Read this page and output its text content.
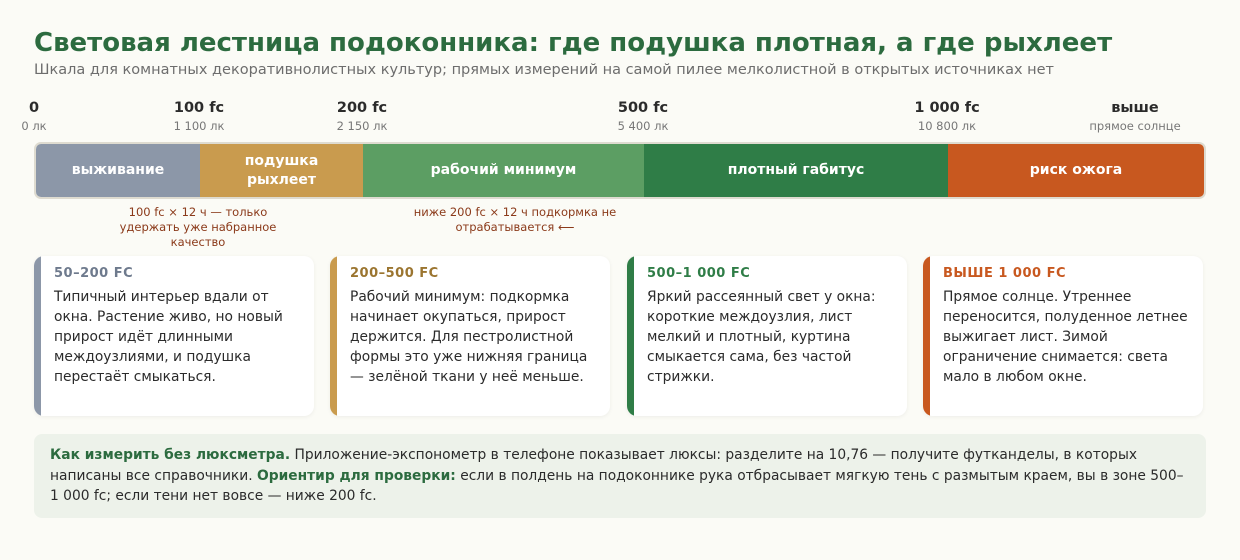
Световая лестница подоконника: где подушка плотная, а где рыхлеет
Шкала для комнатных декоративнолистных культур; прямых измерений на самой пилее мелколистной в открытых источниках нет
0
0 лк
100 fc
1 100 лк
200 fc
2 150 лк
500 fc
5 400 лк
1 000 fc
10 800 лк
выше
прямое солнце
выживание
подушка рыхлеет
рабочий минимум	плотный габитус	риск ожога
100 fc × 12 ч — только удержать уже набранное качество
ниже 200 fc × 12 ч подкормка не отрабатывается ⟵
50–200 FC

Типичный интерьер вдали от окна. Растение живо, но новый прирост идёт длинными междоузлиями, и подушка перестаёт смыкаться.

200–500 FC

Рабочий минимум: подкормка начинает окупаться, прирост держится. Для пестролистной формы это уже нижняя граница — зелёной ткани у неё меньше.

500–1 000 FC

Яркий рассеянный свет у окна: короткие междоузлия, лист мелкий и плотный, куртина смыкается сама, без частой стрижки.

ВЫШЕ 1 000 FC

Прямое солнце. Утреннее переносится, полуденное летнее выжигает лист. Зимой ограничение снимается: света мало в любом окне.

Как измерить без люксметра. Приложение-экспонометр в телефоне показывает люксы: разделите на 10,76 — получите футканделы, в которых написаны все справочники. Ориентир для проверки: если в полдень на подоконнике рука отбрасывает мягкую тень с размытым краем, вы в зоне 500–1 000 fc; если тени нет вовсе — ниже 200 fc.
